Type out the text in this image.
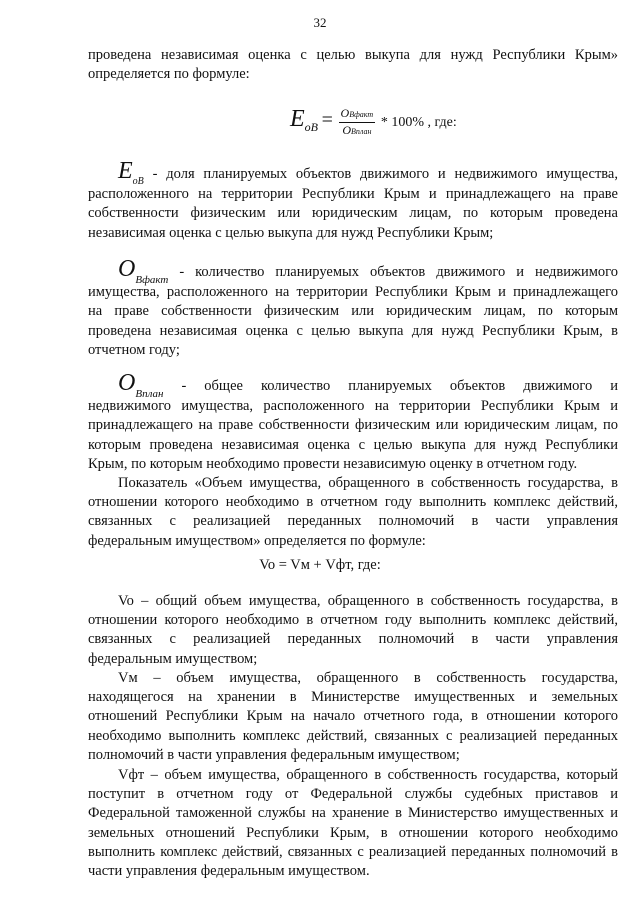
32
проведена независимая оценка с целью выкупа для нужд Республики Крым»
определяется по формуле:
$E_{оВ} = \frac{\text{OВфакт}}{\text{OВплан}} * 100\%$ , где:
$E_{оВ}$ - доля планируемых объектов движимого и недвижимого имущества,
расположенного на территории Республики Крым и принадлежащего на праве
собственности физическим или юридическим лицам, по которым проведена
независимая оценка с целью выкупа для нужд Республики Крым;
$O_{Вфакт}$ - количество планируемых объектов движимого и недвижимого
имущества, расположенного на территории Республики Крым и принадлежащего
на праве собственности физическим или юридическим лицам, по которым
проведена независимая оценка с целью выкупа для нужд Республики Крым, в
отчетном году;
$O_{Вплан}$ - общее количество планируемых объектов движимого и
недвижимого имущества, расположенного на территории Республики Крым и
принадлежащего на праве собственности физическим или юридическим лицам, по
которым проведена независимая оценка с целью выкупа для нужд Республики
Крым, по которым необходимо провести независимую оценку в отчетном году.
Показатель «Объем имущества, обращенного в собственность государства, в
отношении которого необходимо в отчетном году выполнить комплекс действий,
связанных с реализацией переданных полномочий в части управления
федеральным имуществом» определяется по формуле:
Vo = Vм + Vфт, где:
Vo – общий объем имущества, обращенного в собственность государства, в
отношении которого необходимо в отчетном году выполнить комплекс действий,
связанных с реализацией переданных полномочий в части управления
федеральным имуществом;
Vм – объем имущества, обращенного в собственность государства,
находящегося на хранении в Министерстве имущественных и земельных
отношений Республики Крым на начало отчетного года, в отношении которого
необходимо выполнить комплекс действий, связанных с реализацией переданных
полномочий в части управления федеральным имуществом;
Vфт – объем имущества, обращенного в собственность государства, который
поступит в отчетном году от Федеральной службы судебных приставов и
Федеральной таможенной службы на хранение в Министерство имущественных и
земельных отношений Республики Крым, в отношении которого необходимо
выполнить комплекс действий, связанных с реализацией переданных полномочий в
части управления федеральным имуществом.
